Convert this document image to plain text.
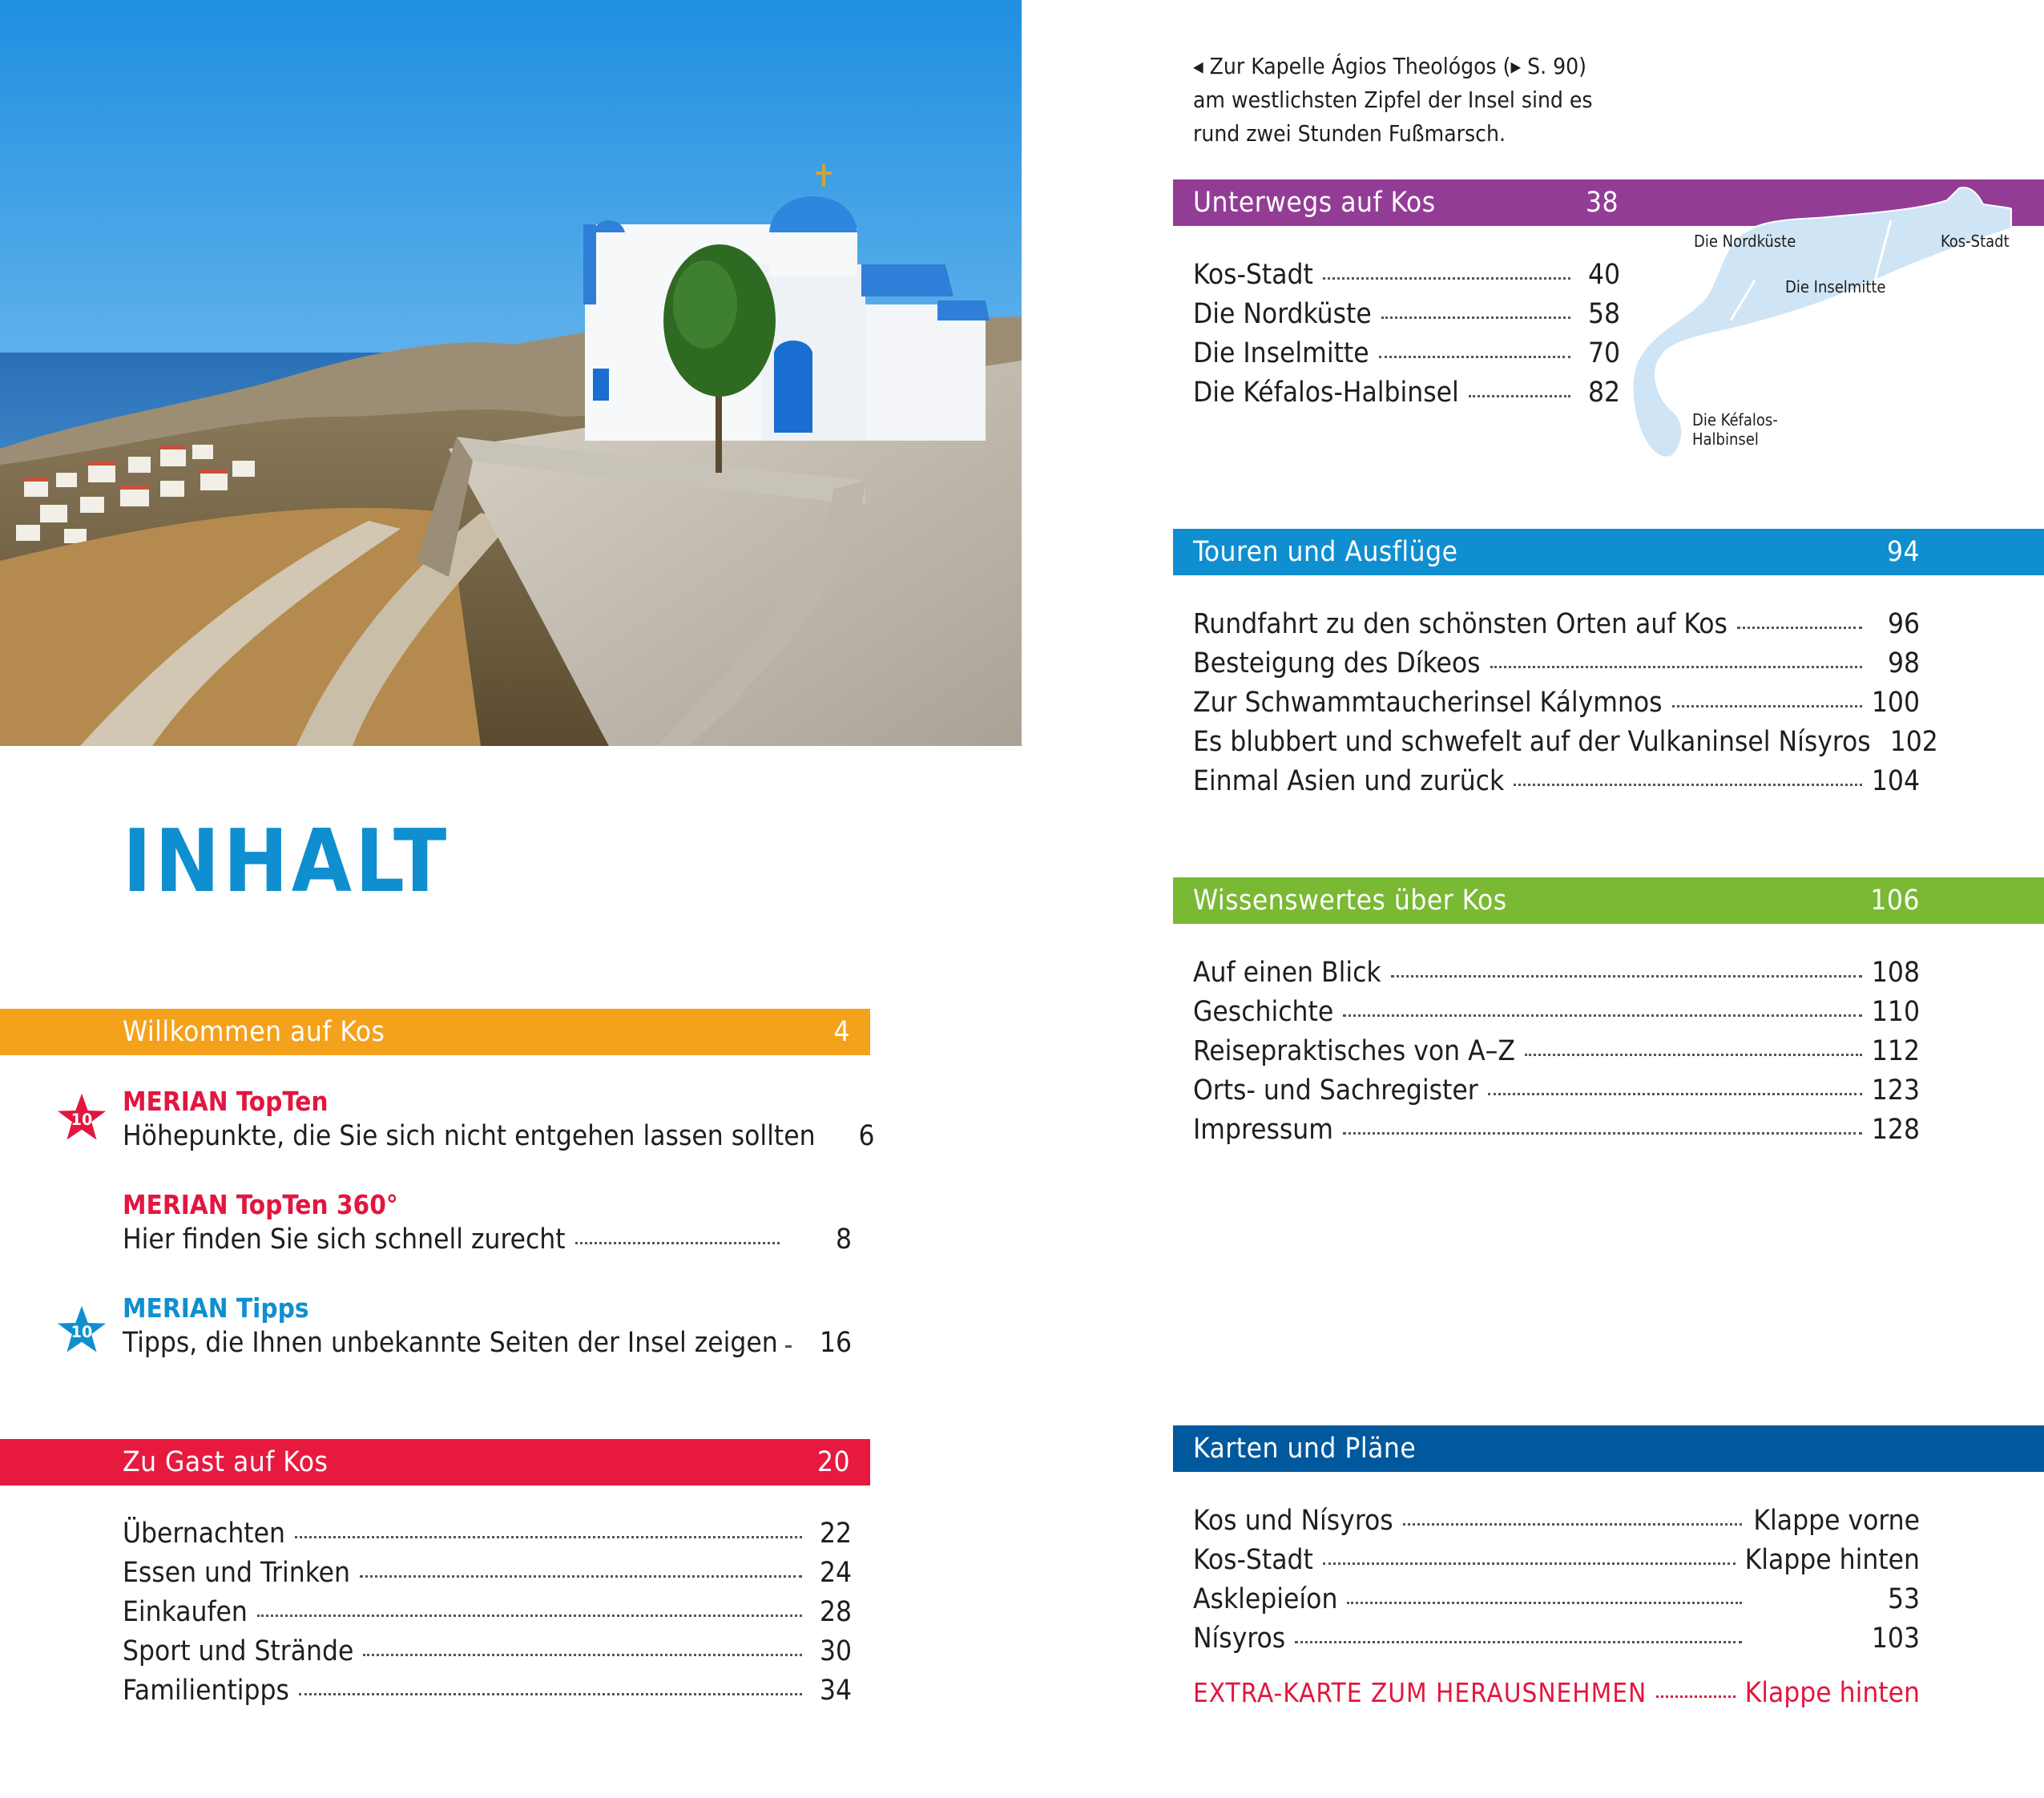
◂ Zur Kapelle Ágios Theológos (▸ S. 90)
am westlichsten Zipfel der Insel sind es
rund zwei Stunden Fußmarsch.
INHALT
Willkommen auf Kos	4
10
MERIAN TopTen
Höhepunkte, die Sie sich nicht entgehen lassen sollten	6
MERIAN TopTen 360°
Hier finden Sie sich schnell zurecht	8
10
MERIAN Tipps
Tipps, die Ihnen unbekannte Seiten der Insel zeigen 16
Zu Gast auf Kos	20
Unterwegs auf Kos	38
Die Nordküste	Kos-Stadt
Die Inselmitte
Die Kéfalos-
Halbinsel
Touren und Ausflüge	94
Wissenswertes über Kos	106
Karten und Pläne
EXTRA-KARTE ZUM HERAUSNEHMEN	Klappe hinten
Übernachten	22
Essen und Trinken	24
Einkaufen	28
Sport und Strände	30
Familientipps	34
Kos-Stadt	40
Die Nordküste	58
Die Inselmitte	70
Die Kéfalos-Halbinsel	82
Rundfahrt zu den schönsten Orten auf Kos	96
Besteigung des Díkeos	98
Zur Schwammtaucherinsel Kálymnos	100
Es blubbert und schwefelt auf der Vulkaninsel Nísyros 102
Einmal Asien und zurück	104
Auf einen Blick	108
Geschichte	110
Reisepraktisches von A–Z	112
Orts- und Sachregister	123
Impressum	128
Kos und Nísyros	Klappe vorne
Kos-Stadt	Klappe hinten
Asklepieíon	53
Nísyros	103
